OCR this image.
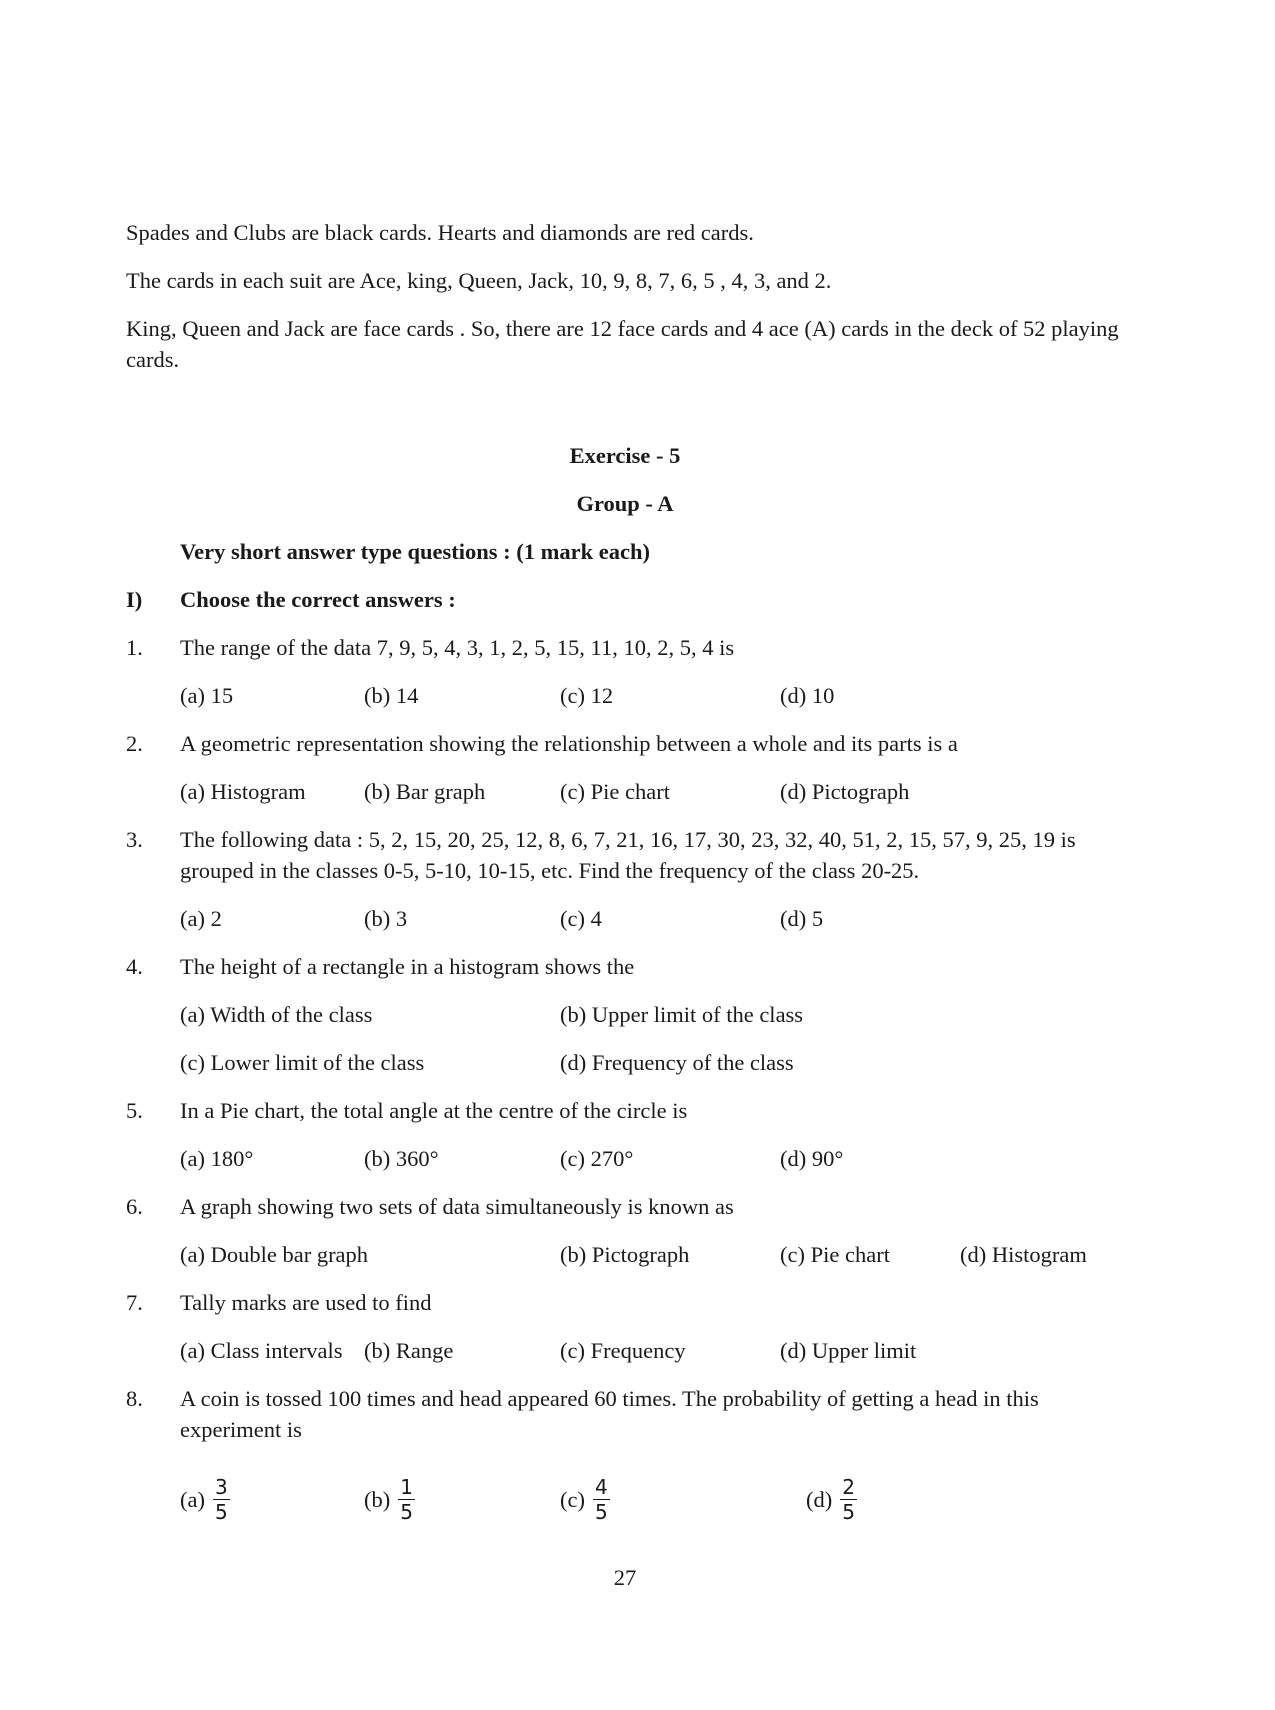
Spades and Clubs are black cards. Hearts and diamonds are red cards.

The cards in each suit are Ace, king, Queen, Jack, 10, 9, 8, 7, 6, 5 , 4, 3, and 2.

King, Queen and Jack are face cards . So, there are 12 face cards and 4 ace (A) cards in the deck of 52 playing cards.

Exercise - 5
Group - A
Very short answer type questions : (1 mark each)
I) Choose the correct answers :
1. The range of the data 7, 9, 5, 4, 3, 1, 2, 5, 15, 11, 10, 2, 5, 4 is
(a) 15	(b) 14	(c) 12	(d) 10
2. A geometric representation showing the relationship between a whole and its parts is a
(a) Histogram	(b) Bar graph	(c) Pie chart	(d) Pictograph
3. The following data : 5, 2, 15, 20, 25, 12, 8, 6, 7, 21, 16, 17, 30, 23, 32, 40, 51, 2, 15, 57, 9, 25, 19 is grouped in the classes 0-5, 5-10, 10-15, etc. Find the frequency of the class 20-25.
(a) 2	(b) 3	(c) 4	(d) 5
4. The height of a rectangle in a histogram shows the
(a) Width of the class	(b) Upper limit of the class
(c) Lower limit of the class	(d) Frequency of the class
5. In a Pie chart, the total angle at the centre of the circle is
(a) 180°	(b) 360°	(c) 270°	(d) 90°
6. A graph showing two sets of data simultaneously is known as
(a) Double bar graph	(b) Pictograph	(c) Pie chart	(d) Histogram
7. Tally marks are used to find
(a) Class intervals (b) Range	(c) Frequency	(d) Upper limit
8. A coin is tossed 100 times and head appeared 60 times. The probability of getting a head in this experiment is
$(a) \frac{3}{5}$	$(b) \frac{1}{5}$	$(c) \frac{4}{5}$	$(d) \frac{2}{5}$
27
